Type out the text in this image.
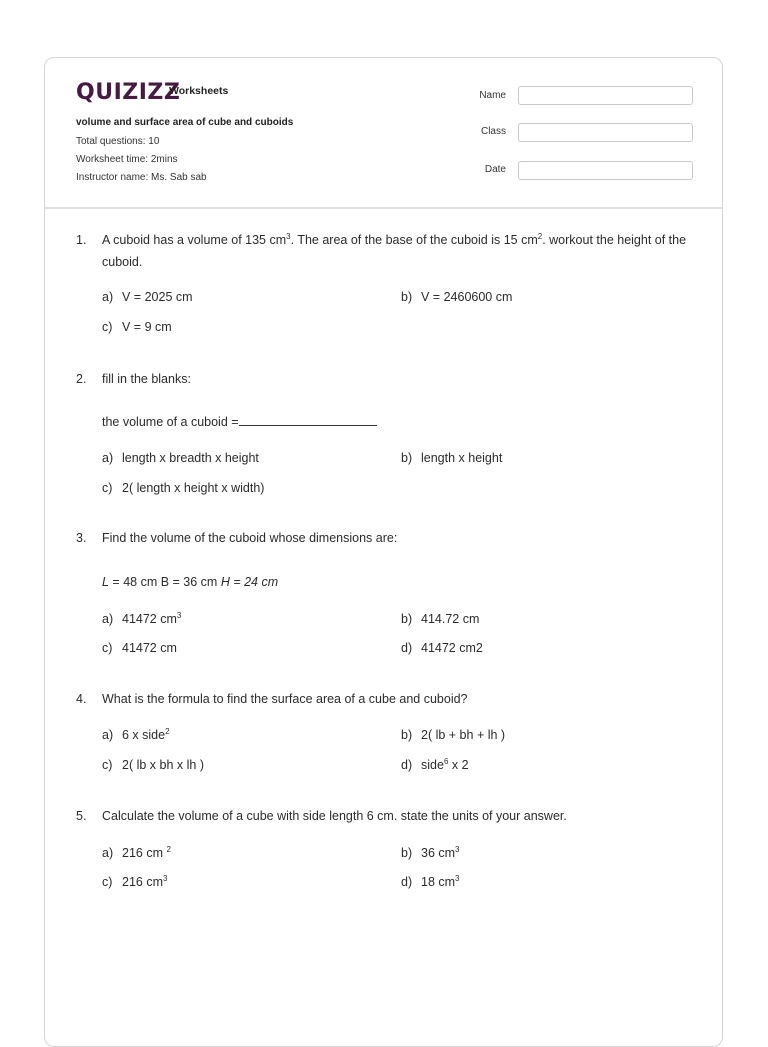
QUIZIZZ
Worksheets
volume and surface area of cube and cuboids
Total questions: 10
Worksheet time: 2mins
Instructor name: Ms. Sab sab
Name
Class
Date
1. A cuboid has a volume of 135 $cm^3$. The area of the base of the cuboid is 15 $cm^2$. workout the height of the cuboid.
a) V = 2025 cm	b) V = 2460600 cm
c) V = 9 cm
2. fill in the blanks:
the volume of a cuboid =
a) length x breadth x height	b) length x height
c) 2( length x height x width)
3. Find the volume of the cuboid whose dimensions are:
L = 48 cm B = 36 cm H = 24 cm
a) 41472 $cm^3$	b) 414.72 cm
c) 41472 cm	d) 41472 cm2
4. What is the formula to find the surface area of a cube and cuboid?
a) 6 x side$^2$	b) 2( lb + bh + lh )
c) 2( lb x bh x lh )	d) side$^6$ x 2
5. Calculate the volume of a cube with side length 6 cm. state the units of your answer.
a) 216 cm $^2$	b) 36 $cm^3$
c) 216 $cm^3$	d) 18 $cm^3$
